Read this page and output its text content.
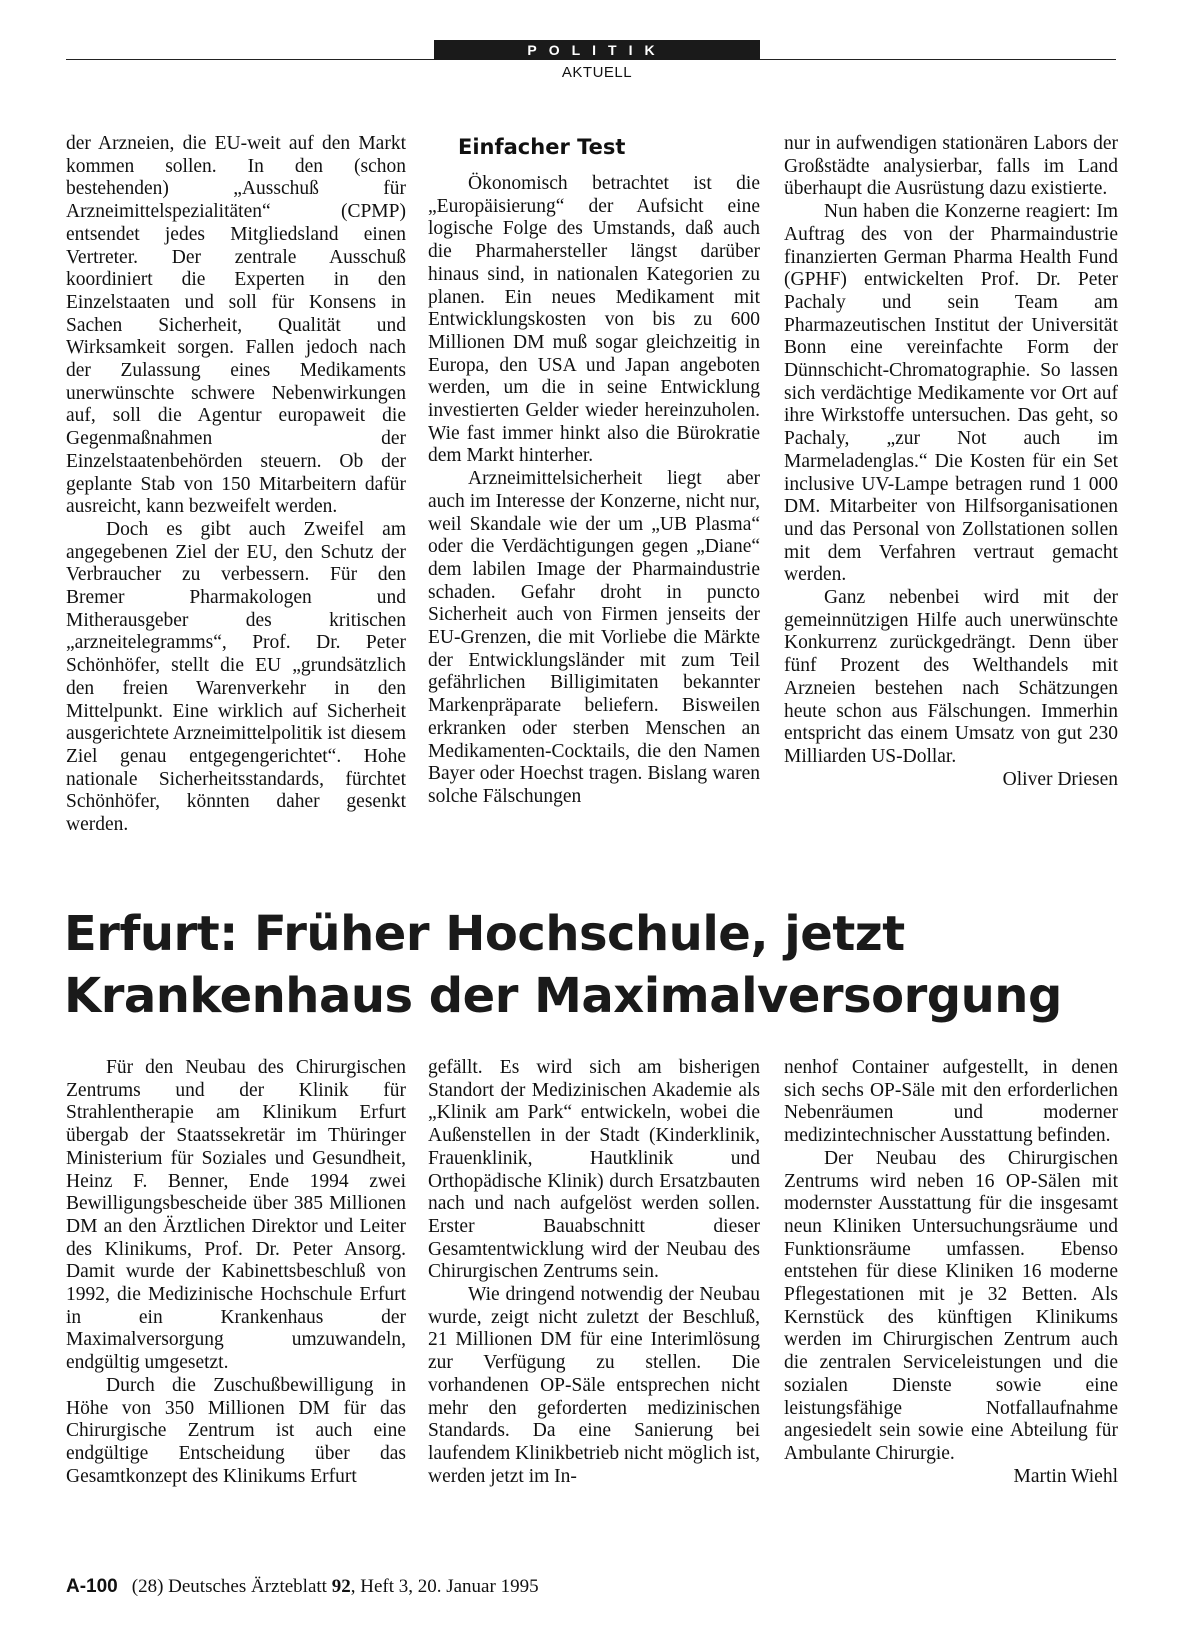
POLITIK
AKTUELL

der Arzneien, die EU-weit auf den Markt kommen sollen. In den (schon bestehenden) „Ausschuß für Arzneimittelspezialitäten“ (CPMP) entsendet jedes Mitgliedsland einen Vertreter. Der zentrale Ausschuß koordiniert die Experten in den Einzelstaaten und soll für Konsens in Sachen Sicherheit, Qualität und Wirksamkeit sorgen. Fallen jedoch nach der Zulassung eines Medikaments unerwünschte schwere Nebenwirkungen auf, soll die Agentur europaweit die Gegenmaßnahmen der Einzelstaatenbehörden steuern. Ob der geplante Stab von 150 Mitarbeitern dafür ausreicht, kann bezweifelt werden.

Doch es gibt auch Zweifel am angegebenen Ziel der EU, den Schutz der Verbraucher zu verbessern. Für den Bremer Pharmakologen und Mitherausgeber des kritischen „arzneitelegramms“, Prof. Dr. Peter Schönhöfer, stellt die EU „grundsätzlich den freien Warenverkehr in den Mittelpunkt. Eine wirklich auf Sicherheit ausgerichtete Arzneimittelpolitik ist diesem Ziel genau entgegengerichtet“. Hohe nationale Sicherheitsstandards, fürchtet Schönhöfer, könnten daher gesenkt werden.

Einfacher Test

Ökonomisch betrachtet ist die „Europäisierung“ der Aufsicht eine logische Folge des Umstands, daß auch die Pharmahersteller längst darüber hinaus sind, in nationalen Kategorien zu planen. Ein neues Medikament mit Entwicklungskosten von bis zu 600 Millionen DM muß sogar gleichzeitig in Europa, den USA und Japan angeboten werden, um die in seine Entwicklung investierten Gelder wieder hereinzuholen. Wie fast immer hinkt also die Bürokratie dem Markt hinterher.

Arzneimittelsicherheit liegt aber auch im Interesse der Konzerne, nicht nur, weil Skandale wie der um „UB Plasma“ oder die Verdächtigungen gegen „Diane“ dem labilen Image der Pharmaindustrie schaden. Gefahr droht in puncto Sicherheit auch von Firmen jenseits der EU-Grenzen, die mit Vorliebe die Märkte der Entwicklungsländer mit zum Teil gefährlichen Billigimitaten bekannter Markenpräparate beliefern. Bisweilen erkranken oder sterben Menschen an Medikamenten-Cocktails, die den Namen Bayer oder Hoechst tragen. Bislang waren solche Fälschungen

nur in aufwendigen stationären Labors der Großstädte analysierbar, falls im Land überhaupt die Ausrüstung dazu existierte.

Nun haben die Konzerne reagiert: Im Auftrag des von der Pharmaindustrie finanzierten German Pharma Health Fund (GPHF) entwickelten Prof. Dr. Peter Pachaly und sein Team am Pharmazeutischen Institut der Universität Bonn eine vereinfachte Form der Dünnschicht-Chromatographie. So lassen sich verdächtige Medikamente vor Ort auf ihre Wirkstoffe untersuchen. Das geht, so Pachaly, „zur Not auch im Marmeladenglas.“ Die Kosten für ein Set inclusive UV-Lampe betragen rund 1 000 DM. Mitarbeiter von Hilfsorganisationen und das Personal von Zollstationen sollen mit dem Verfahren vertraut gemacht werden.

Ganz nebenbei wird mit der gemeinnützigen Hilfe auch unerwünschte Konkurrenz zurückgedrängt. Denn über fünf Prozent des Welthandels mit Arzneien bestehen nach Schätzungen heute schon aus Fälschungen. Immerhin entspricht das einem Umsatz von gut 230 Milliarden US-Dollar.

Oliver Driesen

Erfurt: Früher Hochschule, jetzt
Krankenhaus der Maximalversorgung

Für den Neubau des Chirurgischen Zentrums und der Klinik für Strahlentherapie am Klinikum Erfurt übergab der Staatssekretär im Thüringer Ministerium für Soziales und Gesundheit, Heinz F. Benner, Ende 1994 zwei Bewilligungsbescheide über 385 Millionen DM an den Ärztlichen Direktor und Leiter des Klinikums, Prof. Dr. Peter Ansorg. Damit wurde der Kabinettsbeschluß von 1992, die Medizinische Hochschule Erfurt in ein Krankenhaus der Maximalversorgung umzuwandeln, endgültig umgesetzt.

Durch die Zuschußbewilligung in Höhe von 350 Millionen DM für das Chirurgische Zentrum ist auch eine endgültige Entscheidung über das Gesamtkonzept des Klinikums Erfurt

gefällt. Es wird sich am bisherigen Standort der Medizinischen Akademie als „Klinik am Park“ entwickeln, wobei die Außenstellen in der Stadt (Kinderklinik, Frauenklinik, Hautklinik und Orthopädische Klinik) durch Ersatzbauten nach und nach aufgelöst werden sollen. Erster Bauabschnitt dieser Gesamtentwicklung wird der Neubau des Chirurgischen Zentrums sein.

Wie dringend notwendig der Neubau wurde, zeigt nicht zuletzt der Beschluß, 21 Millionen DM für eine Interimlösung zur Verfügung zu stellen. Die vorhandenen OP-Säle entsprechen nicht mehr den geforderten medizinischen Standards. Da eine Sanierung bei laufendem Klinikbetrieb nicht möglich ist, werden jetzt im In-

nenhof Container aufgestellt, in denen sich sechs OP-Säle mit den erforderlichen Nebenräumen und moderner medizintechnischer Ausstattung befinden.

Der Neubau des Chirurgischen Zentrums wird neben 16 OP-Sälen mit modernster Ausstattung für die insgesamt neun Kliniken Untersuchungsräume und Funktionsräume umfassen. Ebenso entstehen für diese Kliniken 16 moderne Pflegestationen mit je 32 Betten. Als Kernstück des künftigen Klinikums werden im Chirurgischen Zentrum auch die zentralen Serviceleistungen und die sozialen Dienste sowie eine leistungsfähige Notfallaufnahme angesiedelt sein sowie eine Abteilung für Ambulante Chirurgie.

Martin Wiehl

A-100 (28) Deutsches Ärzteblatt 92, Heft 3, 20. Januar 1995
